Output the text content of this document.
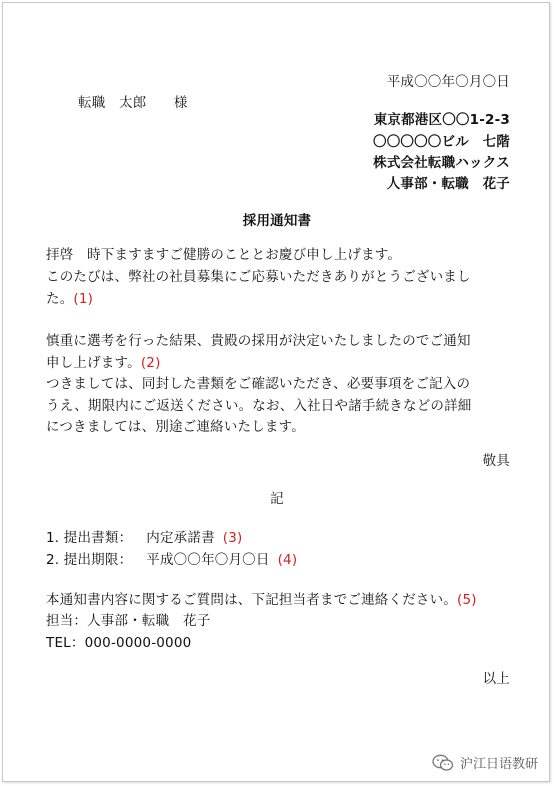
平成〇〇年〇月〇日
転職　太郎　　様
東京都港区〇〇1-2-3
〇〇〇〇〇ビル　七階
株式会社転職ハックス
人事部・転職　花子
採用通知書
拝啓　時下ますますご健勝のこととお慶び申し上げます。
このたびは、弊社の社員募集にご応募いただきありがとうございまし
た。(1)
慎重に選考を行った結果、貴殿の採用が決定いたしましたのでご通知
申し上げます。(2)
つきましては、同封した書類をご確認いただき、必要事項をご記入の
うえ、期限内にご返送ください。なお、入社日や諸手続きなどの詳細
につきましては、別途ご連絡いたします。
敬具
記
1. 提出書類： 内定承諾書 (3)
2. 提出期限： 平成〇〇年〇月〇日 (4)
本通知書内容に関するご質問は、下記担当者までご連絡ください。(5)
担当：人事部・転職　花子
TEL：000-0000-0000
以上
沪江日语教研
